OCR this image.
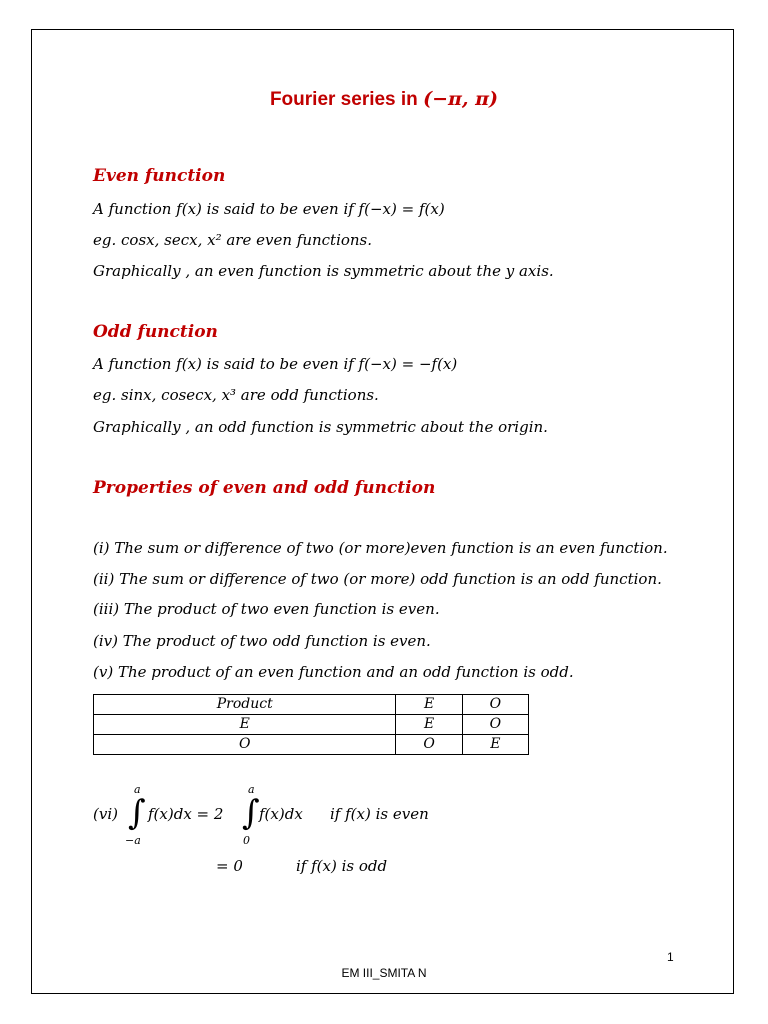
Fourier series in (−π, π)
Even function
A function f(x) is said to be even if f(−x) = f(x)
eg. cosx, secx, x² are even functions.
Graphically , an even function is symmetric about the y axis.
Odd function
A function f(x) is said to be even if f(−x) = −f(x)
eg. sinx, cosecx, x³ are odd functions.
Graphically , an odd function is symmetric about the origin.
Properties of even and odd function
(i) The sum or difference of two (or more)even function is an even function.
(ii) The sum or difference of two (or more) odd function is an odd function.
(iii) The product of two even function is even.
(iv) The product of two odd function is even.
(v) The product of an even function and an odd function is odd.
Product	E	O
E	E	O
O	O	E
(vi)
a
∫
−a
f(x)dx = 2
a
∫
0
f(x)dx if f(x) is even
= 0	if f(x) is odd
1
EM III_SMITA N
